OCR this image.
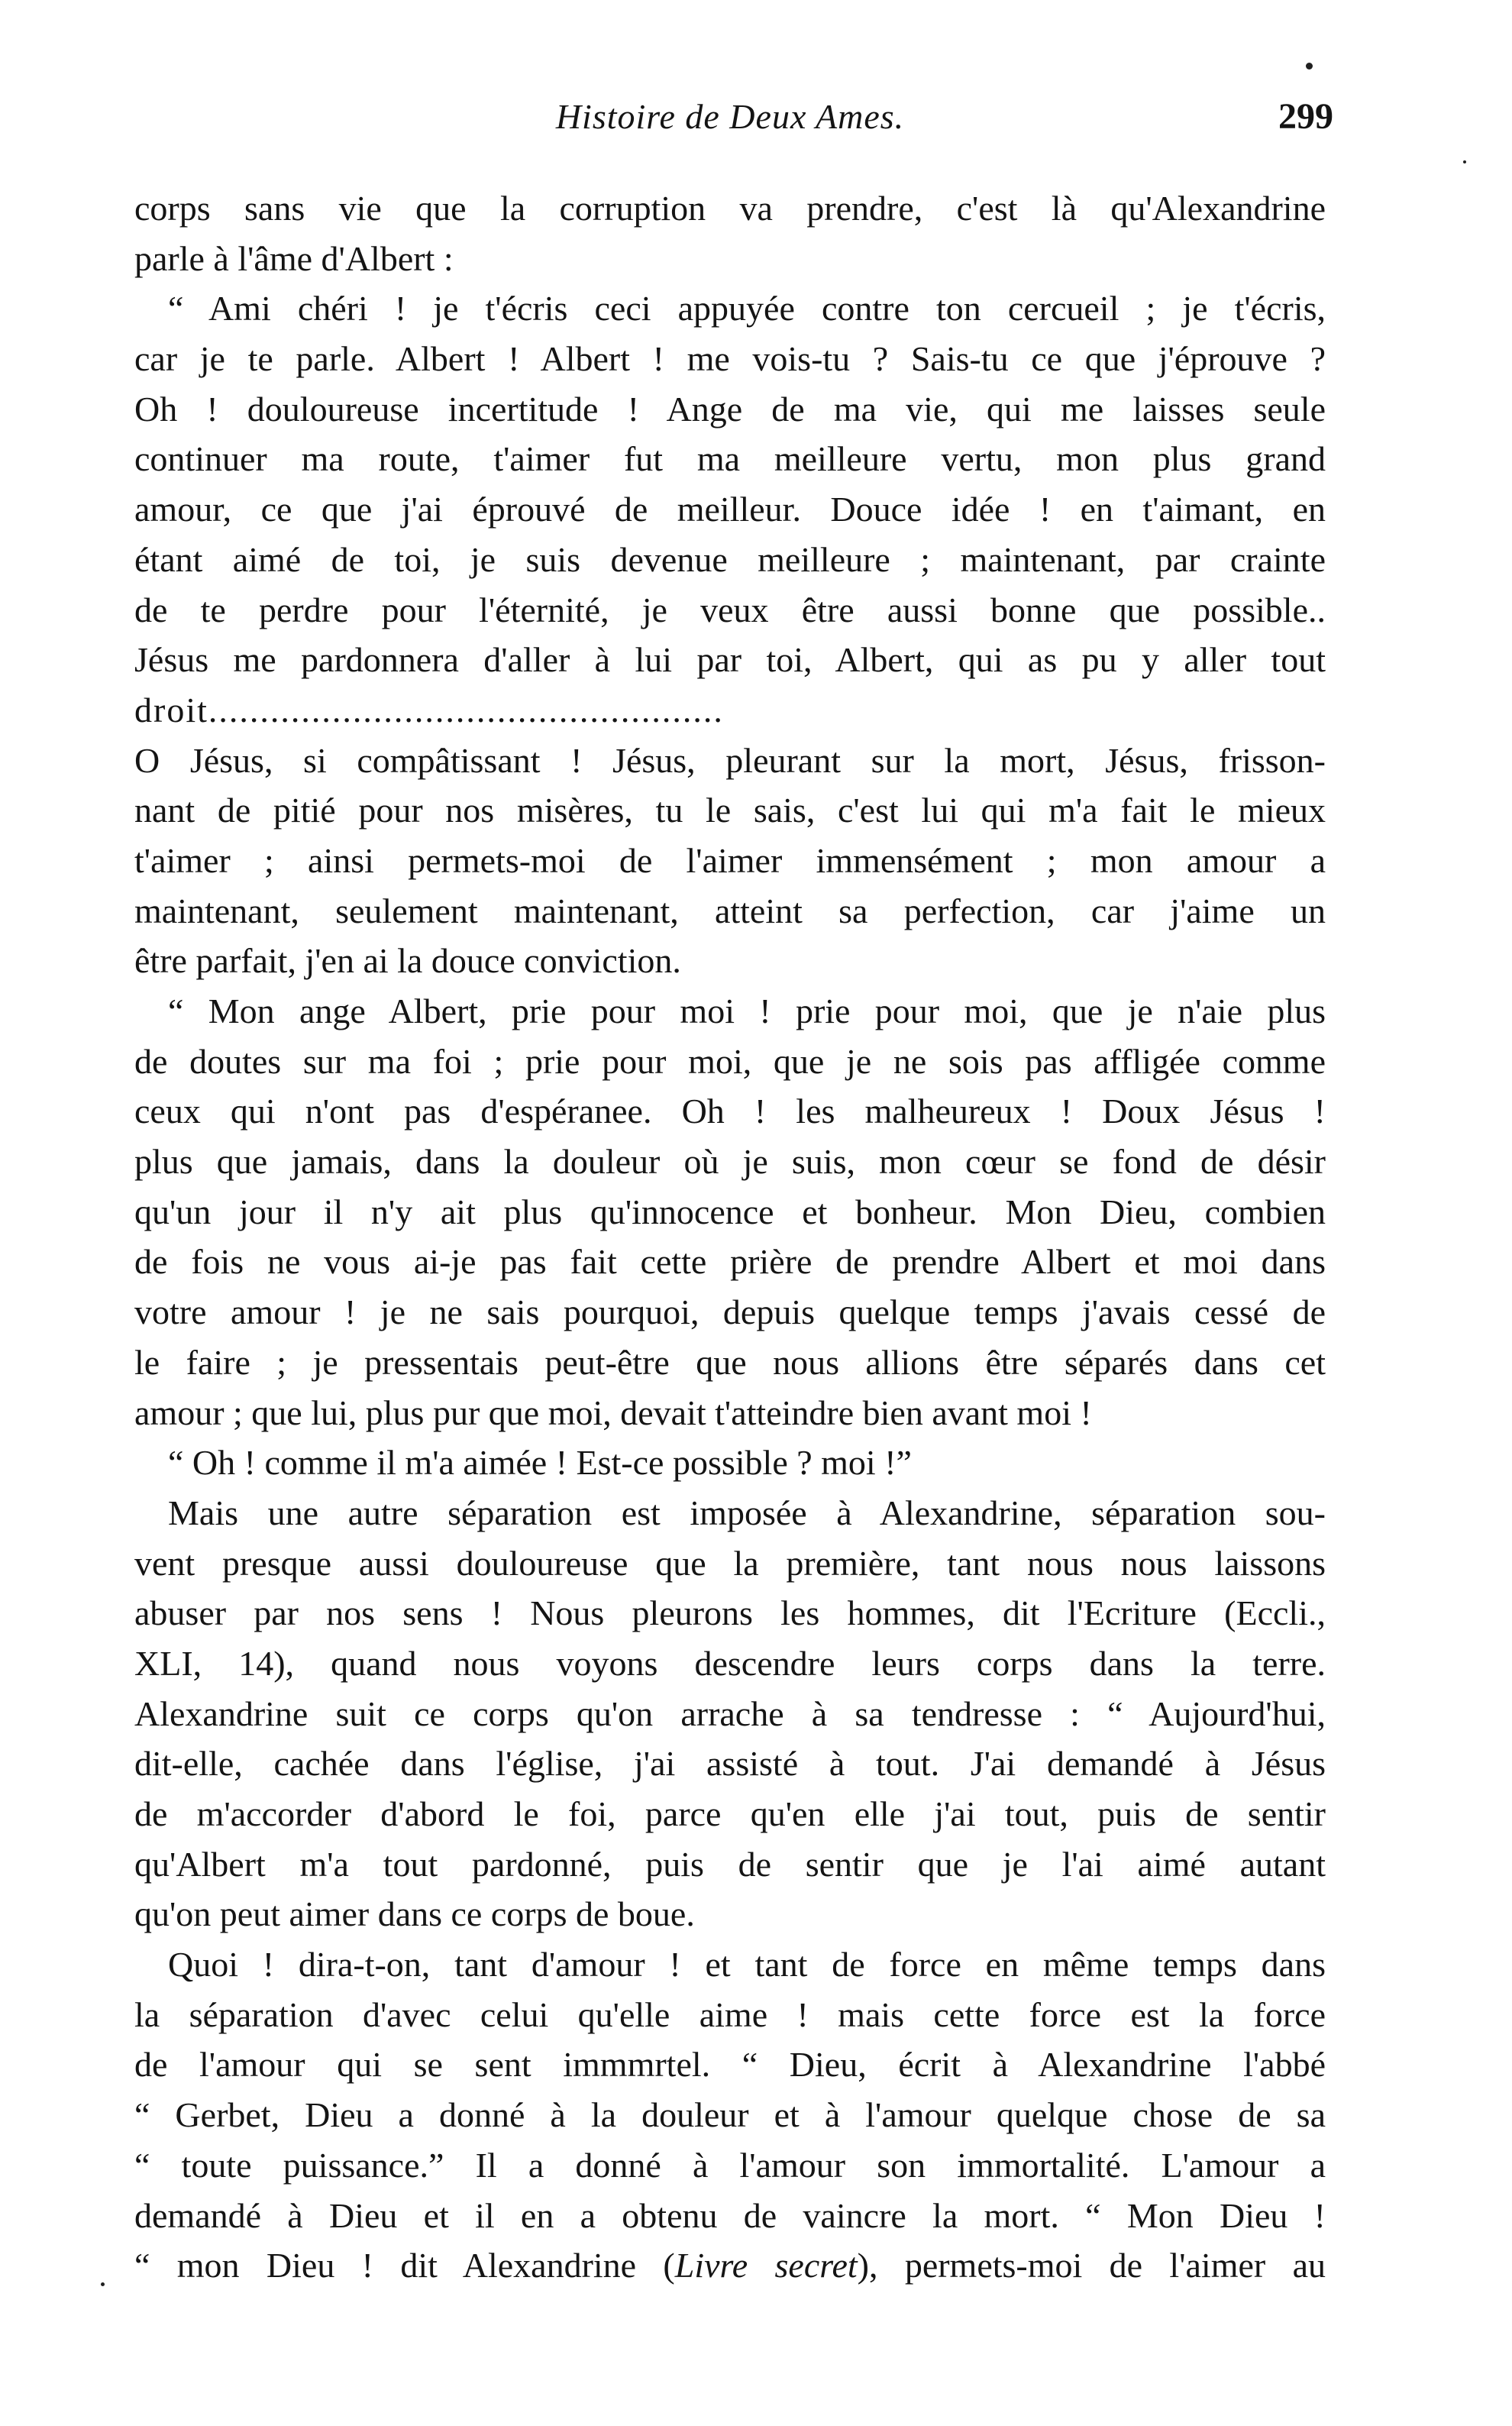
Histoire de Deux Ames.	299
corps sans vie que la corruption va prendre, c'est là qu'Alexandrine
parle à l'âme d'Albert :
“ Ami chéri ! je t'écris ceci appuyée contre ton cercueil ; je t'écris,
car je te parle. Albert ! Albert ! me vois-tu ? Sais-tu ce que j'éprouve ?
Oh ! douloureuse incertitude ! Ange de ma vie, qui me laisses seule
continuer ma route, t'aimer fut ma meilleure vertu, mon plus grand
amour, ce que j'ai éprouvé de meilleur. Douce idée ! en t'aimant, en
étant aimé de toi, je suis devenue meilleure ; maintenant, par crainte
de te perdre pour l'éternité, je veux être aussi bonne que possible..
Jésus me pardonnera d'aller à lui par toi, Albert, qui as pu y aller tout
droit..................................................
O Jésus, si compâtissant ! Jésus, pleurant sur la mort, Jésus, frisson-
nant de pitié pour nos misères, tu le sais, c'est lui qui m'a fait le mieux
t'aimer ; ainsi permets-moi de l'aimer immensément ; mon amour a
maintenant, seulement maintenant, atteint sa perfection, car j'aime un
être parfait, j'en ai la douce conviction.
“ Mon ange Albert, prie pour moi ! prie pour moi, que je n'aie plus
de doutes sur ma foi ; prie pour moi, que je ne sois pas affligée comme
ceux qui n'ont pas d'espéranee. Oh ! les malheureux ! Doux Jésus !
plus que jamais, dans la douleur où je suis, mon cœur se fond de désir
qu'un jour il n'y ait plus qu'innocence et bonheur. Mon Dieu, combien
de fois ne vous ai-je pas fait cette prière de prendre Albert et moi dans
votre amour ! je ne sais pourquoi, depuis quelque temps j'avais cessé de
le faire ; je pressentais peut-être que nous allions être séparés dans cet
amour ; que lui, plus pur que moi, devait t'atteindre bien avant moi !
“ Oh ! comme il m'a aimée ! Est-ce possible ? moi !”
Mais une autre séparation est imposée à Alexandrine, séparation sou-
vent presque aussi douloureuse que la première, tant nous nous laissons
abuser par nos sens ! Nous pleurons les hommes, dit l'Ecriture (Eccli.,
XLI, 14), quand nous voyons descendre leurs corps dans la terre.
Alexandrine suit ce corps qu'on arrache à sa tendresse : “ Aujourd'hui,
dit-elle, cachée dans l'église, j'ai assisté à tout. J'ai demandé à Jésus
de m'accorder d'abord le foi, parce qu'en elle j'ai tout, puis de sentir
qu'Albert m'a tout pardonné, puis de sentir que je l'ai aimé autant
qu'on peut aimer dans ce corps de boue.
Quoi ! dira-t-on, tant d'amour ! et tant de force en même temps dans
la séparation d'avec celui qu'elle aime ! mais cette force est la force
de l'amour qui se sent immmrtel. “ Dieu, écrit à Alexandrine l'abbé
“ Gerbet, Dieu a donné à la douleur et à l'amour quelque chose de sa
“ toute puissance.” Il a donné à l'amour son immortalité. L'amour a
demandé à Dieu et il en a obtenu de vaincre la mort. “ Mon Dieu !
“ mon Dieu ! dit Alexandrine (Livre secret), permets-moi de l'aimer au
